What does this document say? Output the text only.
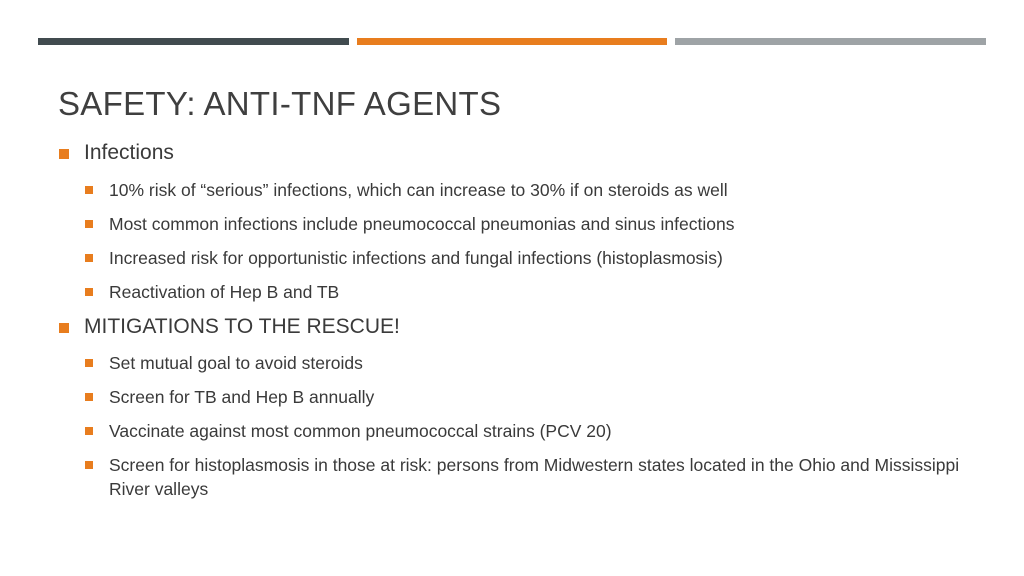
SAFETY: ANTI-TNF AGENTS
Infections
10% risk of “serious” infections, which can increase to 30% if on steroids as well
Most common infections include pneumococcal pneumonias and sinus infections
Increased risk for opportunistic infections and fungal infections (histoplasmosis)
Reactivation of Hep B and TB
MITIGATIONS TO THE RESCUE!
Set mutual goal to avoid steroids
Screen for TB and Hep B annually
Vaccinate against most common pneumococcal strains (PCV 20)
Screen for histoplasmosis in those at risk: persons from Midwestern states located in the Ohio and Mississippi River valleys
